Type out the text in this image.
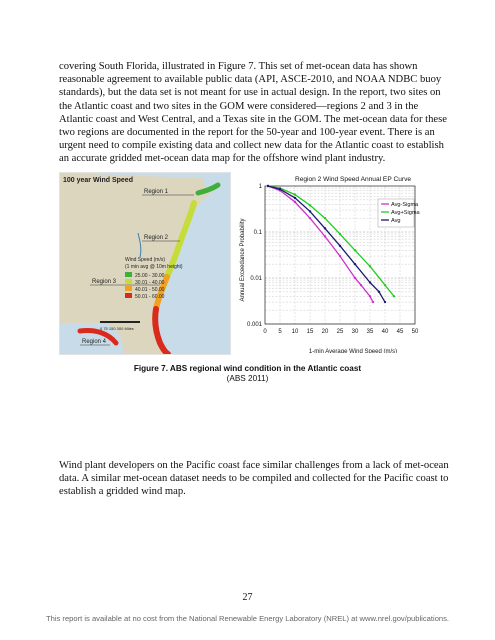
covering South Florida, illustrated in Figure 7. This set of met-ocean data has shown reasonable agreement to available public data (API, ASCE-2010, and NOAA NDBC buoy standards), but the data set is not meant for use in actual design. In the report, two sites on the Atlantic coast and two sites in the GOM were considered—regions 2 and 3 in the Atlantic coast and West Central, and a Texas site in the GOM. The met-ocean data for these two regions are documented in the report for the 50-year and 100-year event. There is an urgent need to compile existing data and collect new data for the Atlantic coast to establish an accurate gridded met-ocean data map for the offshore wind plant industry.

100 year Wind Speed
Region 1
Region 2
Region 3
Region 4
Wind Speed (m/s)
(1 min avg @ 10m height)
25.00 - 30.00
30.01 - 40.00
40.01 - 50.00
50.01 - 60.00
0 75 150 300 Miles
Region 2 Wind Speed Annual EP Curve
Annual Exceedance Probability
1-min Average Wind Speed (m/s)
0 5 10 15 20 25 30 35 40 45 50
1
0.1
0.01
0.001
Avg-Sigma
Avg+Sigma
Avg
Figure 7. ABS regional wind condition in the Atlantic coast
(ABS 2011)

Wind plant developers on the Pacific coast face similar challenges from a lack of met-ocean data. A similar met-ocean dataset needs to be compiled and collected for the Pacific coast to establish a gridded wind map.

27
This report is available at no cost from the National Renewable Energy Laboratory (NREL) at www.nrel.gov/publications.
